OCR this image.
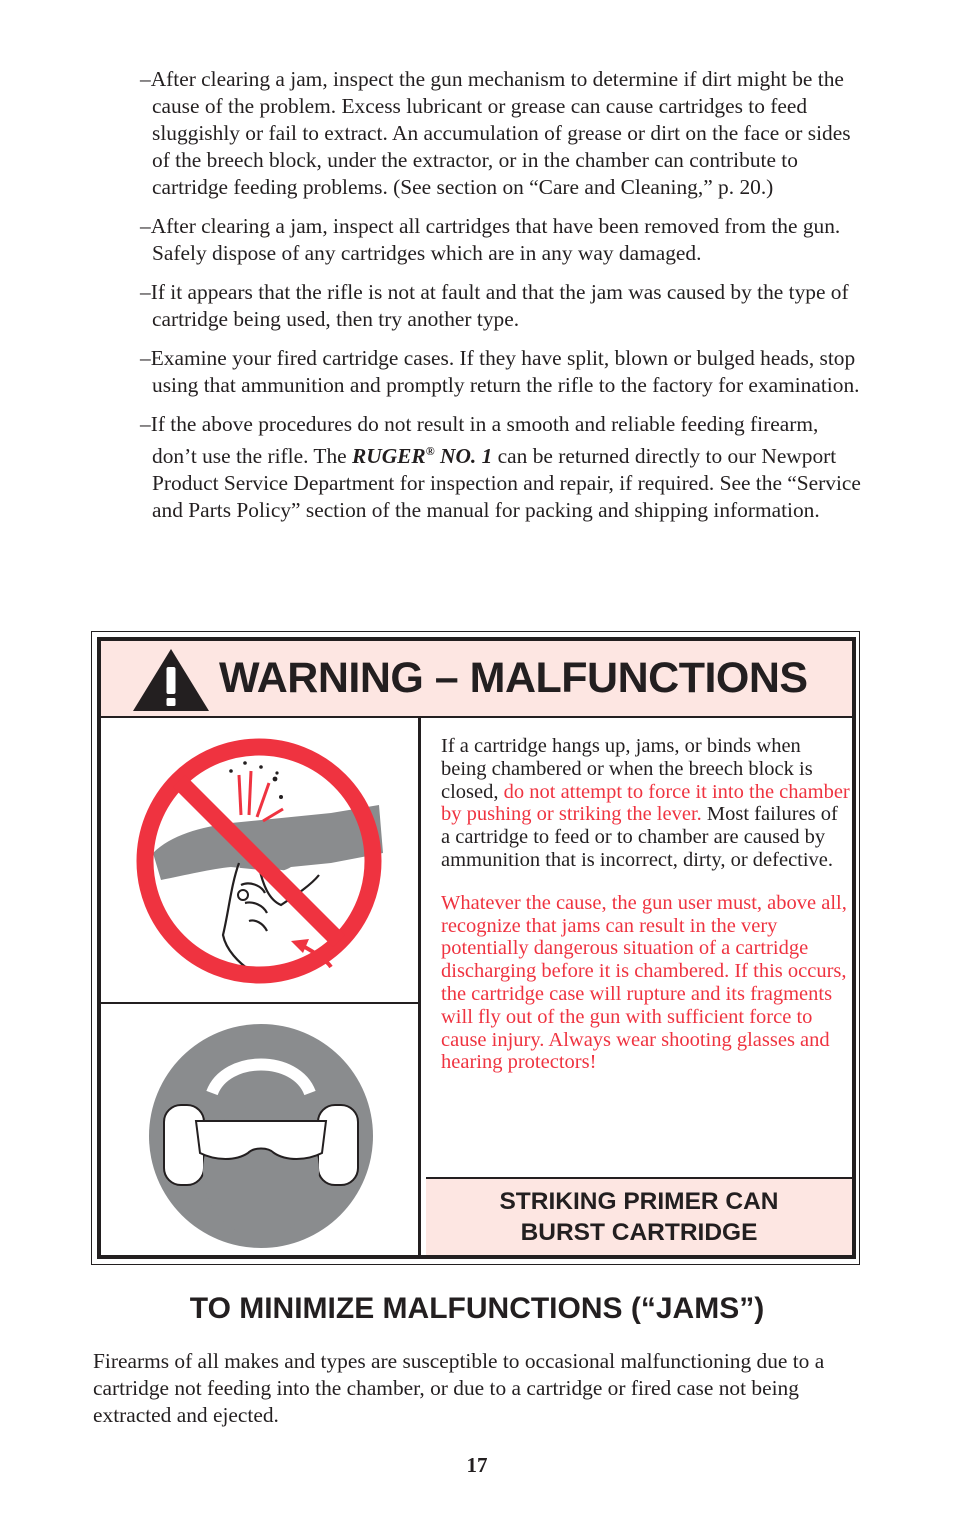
–After clearing a jam, inspect the gun mechanism to determine if dirt might be the cause of the problem. Excess lubricant or grease can cause cartridges to feed sluggishly or fail to extract. An accumulation of grease or dirt on the face or sides of the breech block, under the extractor, or in the chamber can contribute to cartridge feeding problems. (See section on “Care and Cleaning,” p. 20.)

–After clearing a jam, inspect all cartridges that have been removed from the gun. Safely dispose of any cartridges which are in any way damaged.

–If it appears that the rifle is not at fault and that the jam was caused by the type of cartridge being used, then try another type.

–Examine your fired cartridge cases. If they have split, blown or bulged heads, stop using that ammunition and promptly return the rifle to the factory for examination.

–If the above procedures do not result in a smooth and reliable feeding firearm, don’t use the rifle. The RUGER® NO. 1 can be returned directly to our Newport Product Service Department for inspection and repair, if required. See the “Service and Parts Policy” section of the manual for packing and shipping information.

WARNING – MALFUNCTIONS

If a cartridge hangs up, jams, or binds when being chambered or when the breech block is closed, do not attempt to force it into the chamber by pushing or striking the lever. Most failures of a cartridge to feed or to chamber are caused by ammunition that is incorrect, dirty, or defective.

Whatever the cause, the gun user must, above all, recognize that jams can result in the very potentially dangerous situation of a cartridge discharging before it is chambered. If this occurs, the cartridge case will rupture and its fragments will fly out of the gun with sufficient force to cause injury. Always wear shooting glasses and hearing protectors!

STRIKING PRIMER CAN
BURST CARTRIDGE
TO MINIMIZE MALFUNCTIONS (“JAMS”)

Firearms of all makes and types are susceptible to occasional malfunctioning due to a cartridge not feeding into the chamber, or due to a cartridge or fired case not being extracted and ejected.

17
